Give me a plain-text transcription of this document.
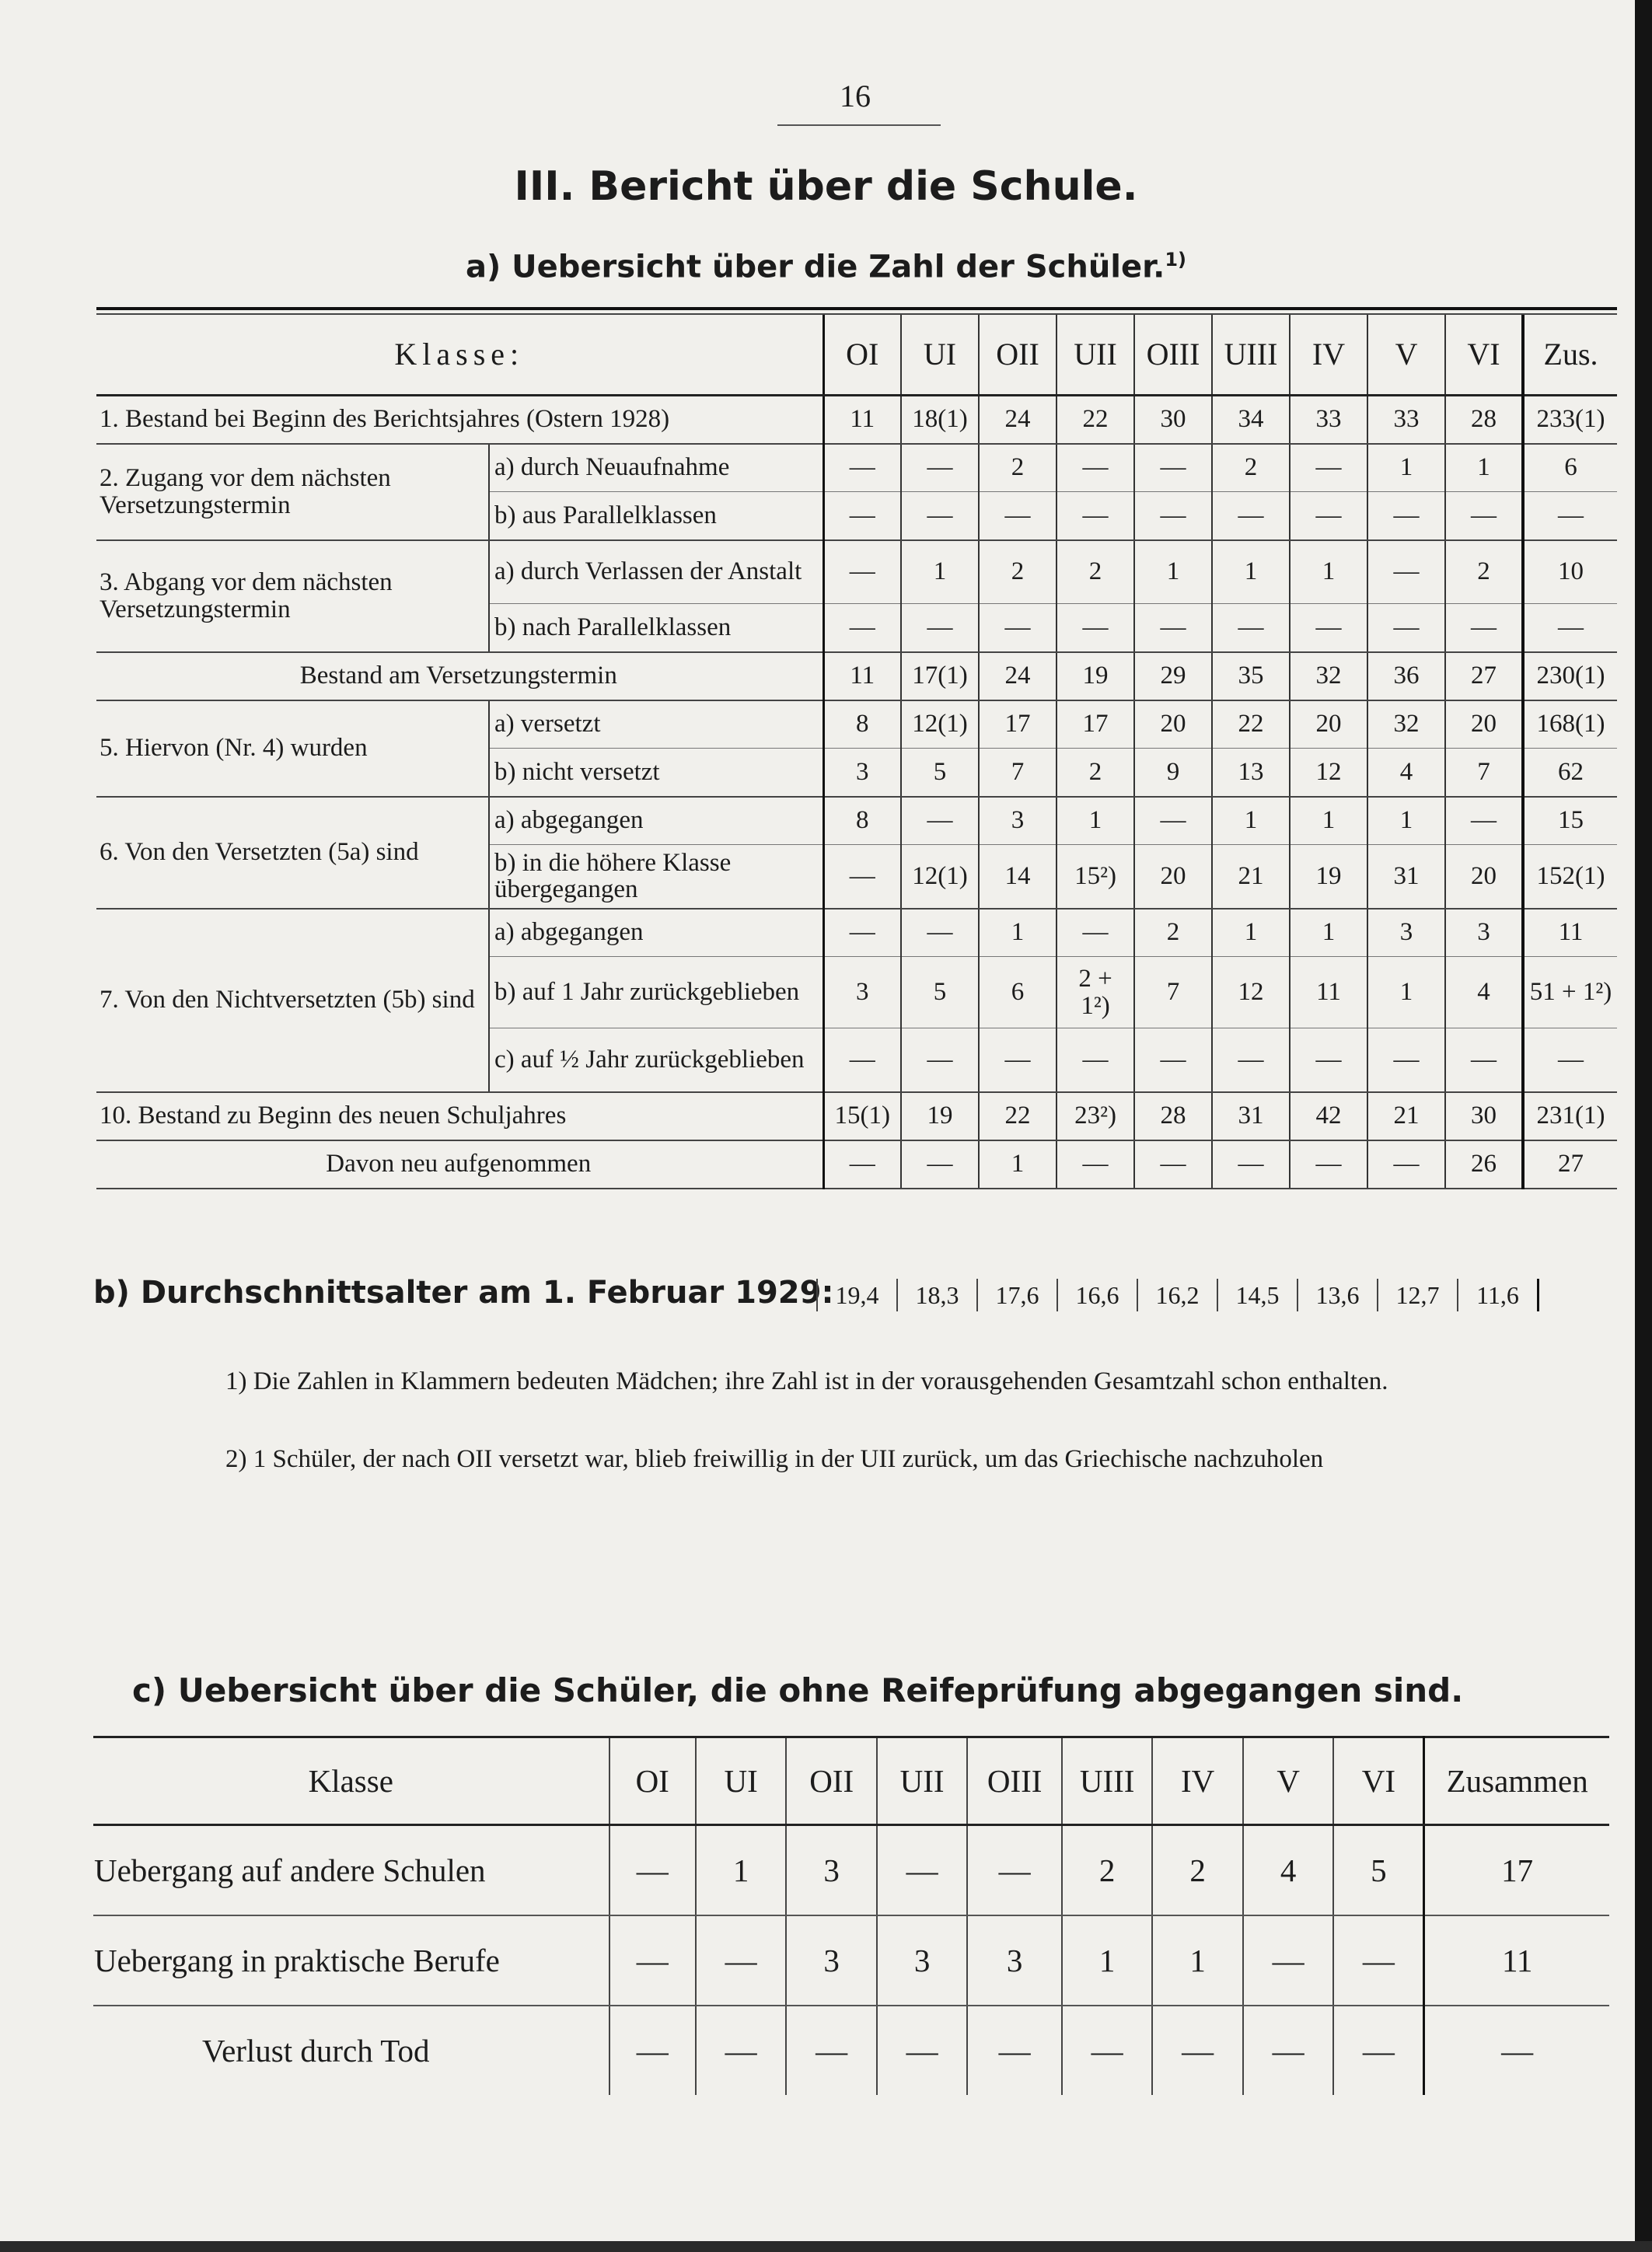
16
III. Bericht über die Schule.
a) Uebersicht über die Zahl der Schüler.$^{1)}$
Klasse:		OI	UI	OII	UII	OIII	UIII	IV	V	VI	Zus.
1. Bestand bei Beginn des Berichtsjahres (Ostern 1928)		11	18(1)	24	22	30	34	33	33	28	233(1)
2. Zugang vor dem nächsten Versetzungstermin	a) durch Neuaufnahme	—	—	2	—	—	2	—	1	1	6
	b) aus Parallelklassen	—	—	—	—	—	—	—	—	—	—
3. Abgang vor dem nächsten Versetzungstermin	a) durch Verlassen der Anstalt	—	1	2	2	1	1	1	—	2	10
	b) nach Parallelklassen	—	—	—	—	—	—	—	—	—	—
Bestand am Versetzungstermin		11	17(1)	24	19	29	35	32	36	27	230(1)
5. Hiervon (Nr. 4) wurden	a) versetzt	8	12(1)	17	17	20	22	20	32	20	168(1)
	b) nicht versetzt	3	5	7	2	9	13	12	4	7	62
6. Von den Versetzten (5a) sind	a) abgegangen	8	—	3	1	—	1	1	1	—	15
	b) in die höhere Klasse übergegangen	—	12(1)	14	15²)	20	21	19	31	20	152(1)
7. Von den Nichtversetzten (5b) sind	a) abgegangen	—	—	1	—	2	1	1	3	3	11
	b) auf 1 Jahr zurückgeblieben	3	5	6	2 + 1²)	7	12	11	1	4	51 + 1²)
	c) auf ½ Jahr zurückgeblieben	—	—	—	—	—	—	—	—	—	—
10. Bestand zu Beginn des neuen Schuljahres		15(1)	19	22	23²)	28	31	42	21	30	231(1)
Davon neu aufgenommen		—	—	1	—	—	—	—	—	26	27
b) Durchschnittsalter am 1. Februar 1929: 19,4	18,3	17,6	16,6	16,2	14,5	13,6	12,7	11,6
1) Die Zahlen in Klammern bedeuten Mädchen; ihre Zahl ist in der vorausgehenden Gesamtzahl schon enthalten.
2) 1 Schüler, der nach OII versetzt war, blieb freiwillig in der UII zurück, um das Griechische nachzuholen
c) Uebersicht über die Schüler, die ohne Reifeprüfung abgegangen sind.
Klasse	OI	UI	OII	UII	OIII	UIII	IV	V	VI	Zusammen
Uebergang auf andere Schulen	—	1	3	—	—	2	2	4	5	17
Uebergang in praktische Berufe	—	—	3	3	3	1	1	—	—	11
Verlust durch Tod	—	—	—	—	—	—	—	—	—	—
